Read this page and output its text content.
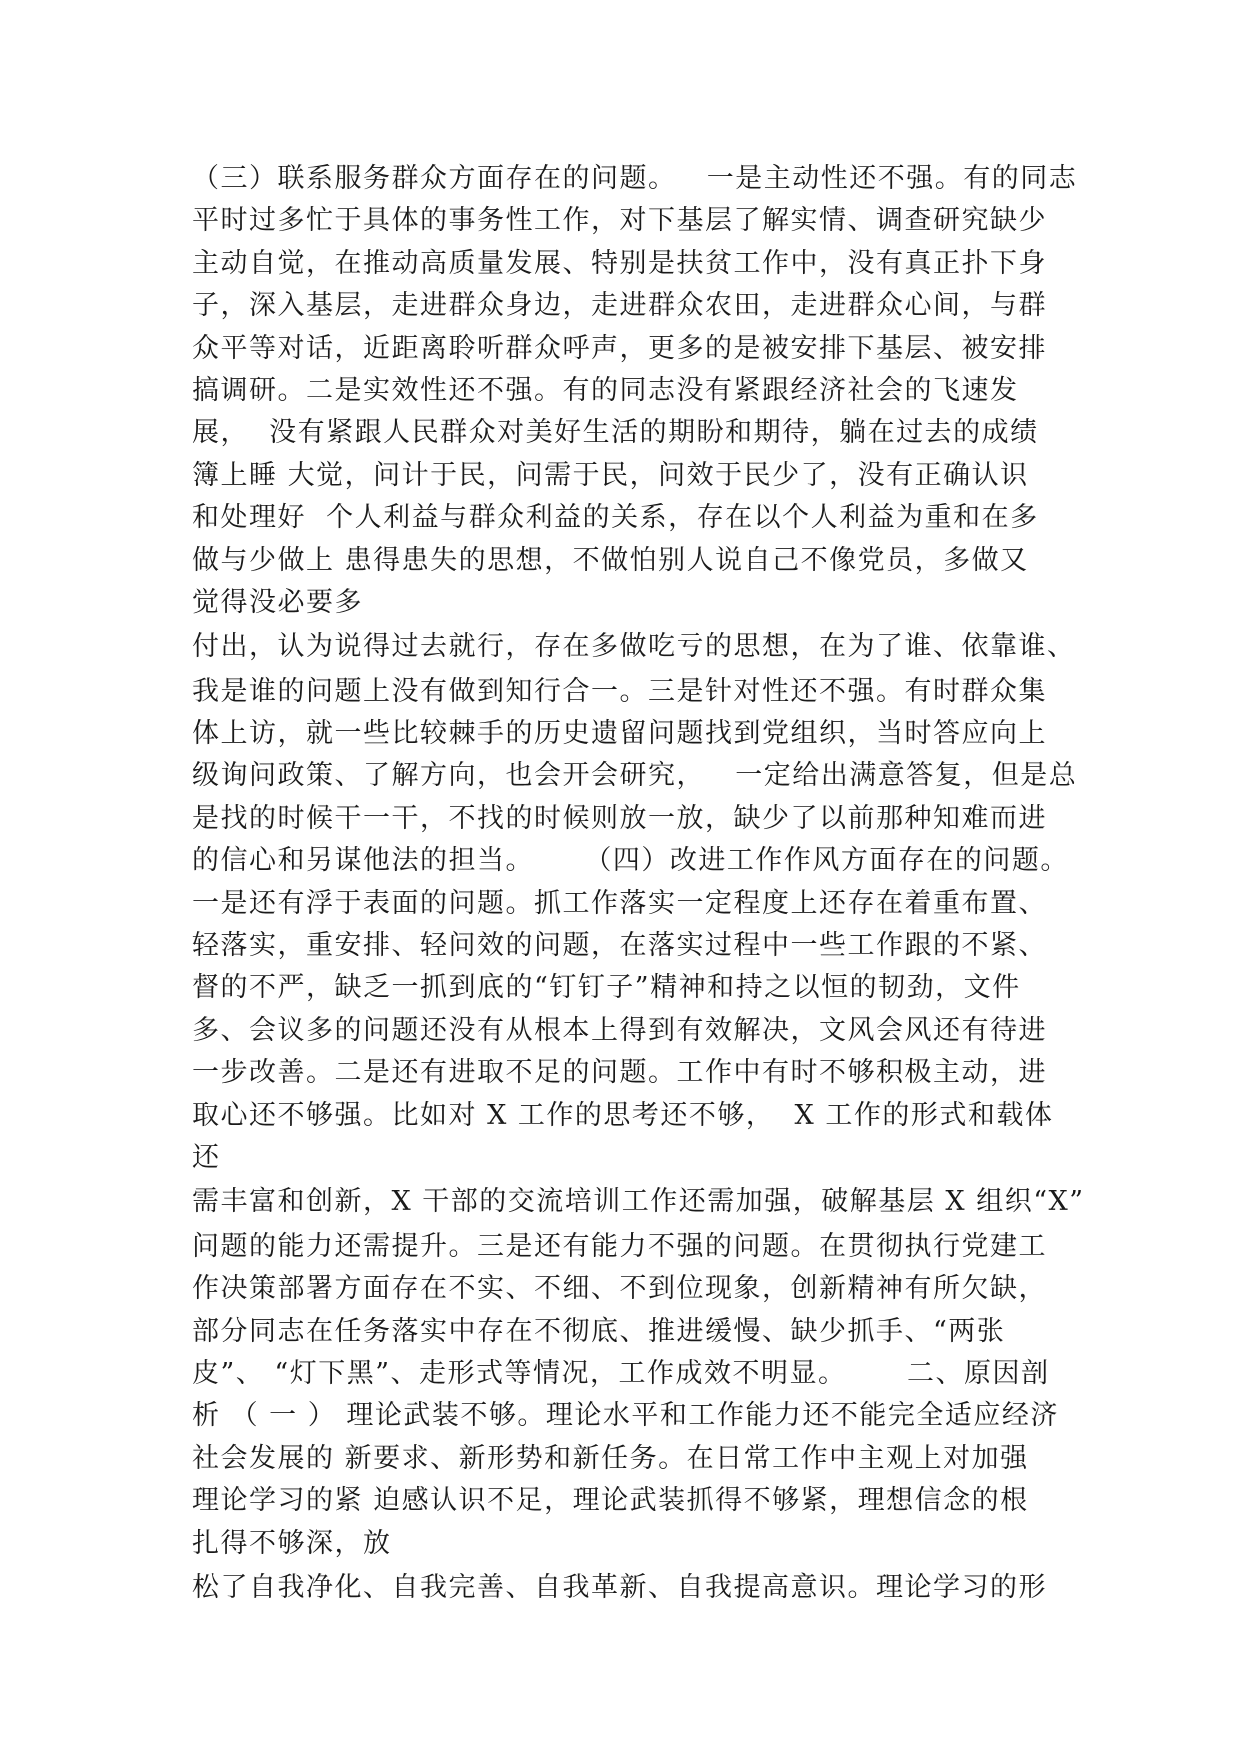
（三）联系服务群众方面存在的问题。   一是主动性还不强。有的同志
平时过多忙于具体的事务性工作，对下基层了解实情、调查研究缺少
主动自觉，在推动高质量发展、特别是扶贫工作中，没有真正扑下身
子，深入基层，走进群众身边，走进群众农田，走进群众心间，与群
众平等对话，近距离聆听群众呼声，更多的是被安排下基层、被安排
搞调研。二是实效性还不强。有的同志没有紧跟经济社会的飞速发
展，  没有紧跟人民群众对美好生活的期盼和期待，躺在过去的成绩
簿上睡 大觉，问计于民，问需于民，问效于民少了，没有正确认识
和处理好  个人利益与群众利益的关系，存在以个人利益为重和在多
做与少做上 患得患失的思想，不做怕别人说自己不像党员，多做又
觉得没必要多
付出，认为说得过去就行，存在多做吃亏的思想，在为了谁、依靠谁、
我是谁的问题上没有做到知行合一。三是针对性还不强。有时群众集
体上访，就一些比较棘手的历史遗留问题找到党组织，当时答应向上
级询问政策、了解方向，也会开会研究，   一定给出满意答复，但是总
是找的时候干一干，不找的时候则放一放，缺少了以前那种知难而进
的信心和另谋他法的担当。     （四）改进工作作风方面存在的问题。
一是还有浮于表面的问题。抓工作落实一定程度上还存在着重布置、
轻落实，重安排、轻问效的问题，在落实过程中一些工作跟的不紧、
督的不严，缺乏一抓到底的“钉钉子”精神和持之以恒的韧劲，文件
多、会议多的问题还没有从根本上得到有效解决，文风会风还有待进
一步改善。二是还有进取不足的问题。工作中有时不够积极主动，进
取心还不够强。比如对 X 工作的思考还不够，  X 工作的形式和载体
还
需丰富和创新，X 干部的交流培训工作还需加强，破解基层 X 组织“X”
问题的能力还需提升。三是还有能力不强的问题。在贯彻执行党建工
作决策部署方面存在不实、不细、不到位现象，创新精神有所欠缺，
部分同志在任务落实中存在不彻底、推进缓慢、缺少抓手、“两张
皮”、 “灯下黑”、走形式等情况，工作成效不明显。      二、原因剖
析 （ 一 ） 理论武装不够。理论水平和工作能力还不能完全适应经济
社会发展的 新要求、新形势和新任务。在日常工作中主观上对加强
理论学习的紧 迫感认识不足，理论武装抓得不够紧，理想信念的根
扎得不够深，放
松了自我净化、自我完善、自我革新、自我提高意识。理论学习的形
